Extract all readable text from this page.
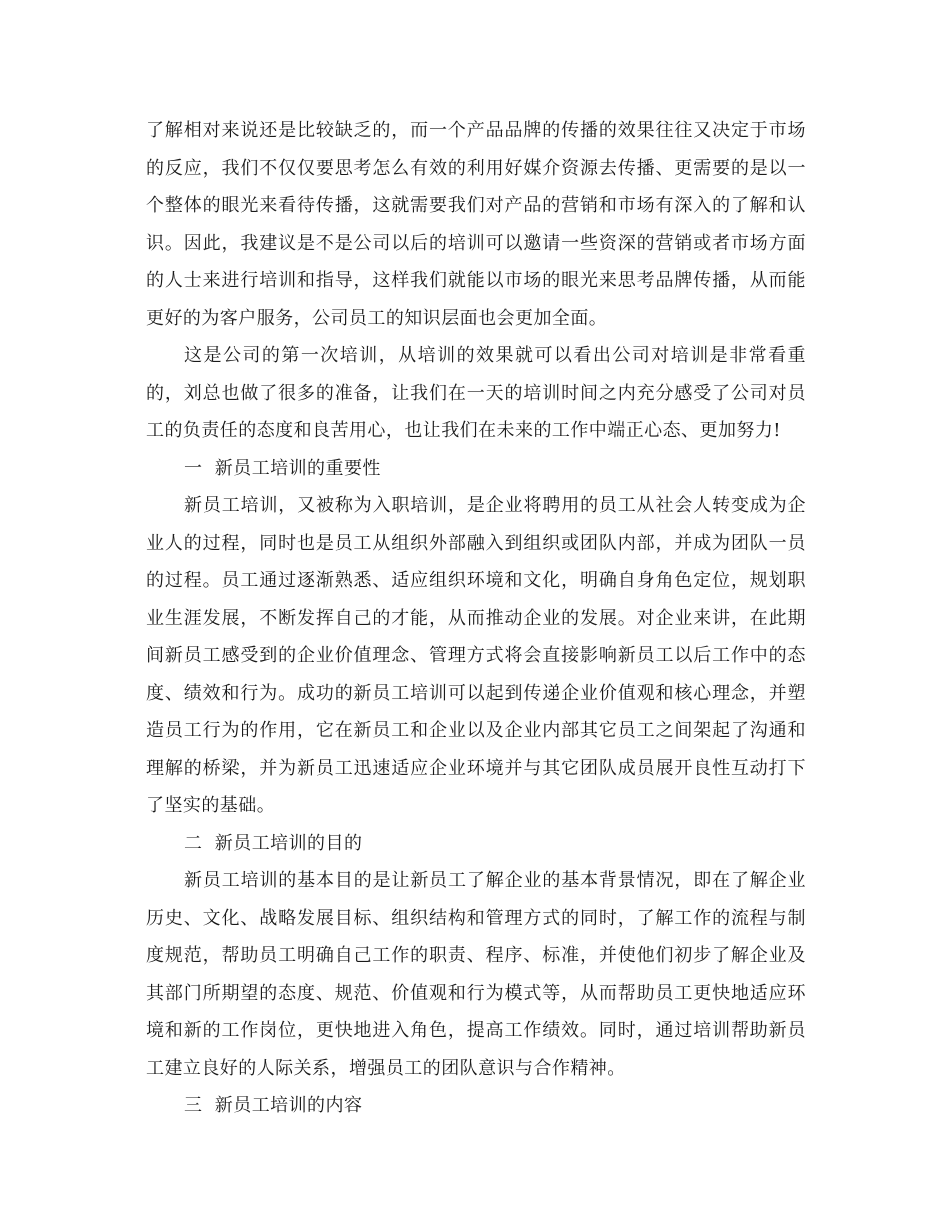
了解相对来说还是比较缺乏的，而一个产品品牌的传播的效果往往又决定于市场的反应，我们不仅仅要思考怎么有效的利用好媒介资源去传播、更需要的是以一个整体的眼光来看待传播，这就需要我们对产品的营销和市场有深入的了解和认识。因此，我建议是不是公司以后的培训可以邀请一些资深的营销或者市场方面的人士来进行培训和指导，这样我们就能以市场的眼光来思考品牌传播，从而能更好的为客户服务，公司员工的知识层面也会更加全面。

这是公司的第一次培训，从培训的效果就可以看出公司对培训是非常看重的，刘总也做了很多的准备，让我们在一天的培训时间之内充分感受了公司对员工的负责任的态度和良苦用心，也让我们在未来的工作中端正心态、更加努力!

一  新员工培训的重要性

新员工培训，又被称为入职培训，是企业将聘用的员工从社会人转变成为企业人的过程，同时也是员工从组织外部融入到组织或团队内部，并成为团队一员的过程。员工通过逐渐熟悉、适应组织环境和文化，明确自身角色定位，规划职业生涯发展，不断发挥自己的才能，从而推动企业的发展。对企业来讲，在此期间新员工感受到的企业价值理念、管理方式将会直接影响新员工以后工作中的态度、绩效和行为。成功的新员工培训可以起到传递企业价值观和核心理念，并塑造员工行为的作用，它在新员工和企业以及企业内部其它员工之间架起了沟通和理解的桥梁，并为新员工迅速适应企业环境并与其它团队成员展开良性互动打下了坚实的基础。

二  新员工培训的目的

新员工培训的基本目的是让新员工了解企业的基本背景情况，即在了解企业历史、文化、战略发展目标、组织结构和管理方式的同时，了解工作的流程与制度规范，帮助员工明确自己工作的职责、程序、标准，并使他们初步了解企业及其部门所期望的态度、规范、价值观和行为模式等，从而帮助员工更快地适应环境和新的工作岗位，更快地进入角色，提高工作绩效。同时，通过培训帮助新员工建立良好的人际关系，增强员工的团队意识与合作精神。

三  新员工培训的内容
